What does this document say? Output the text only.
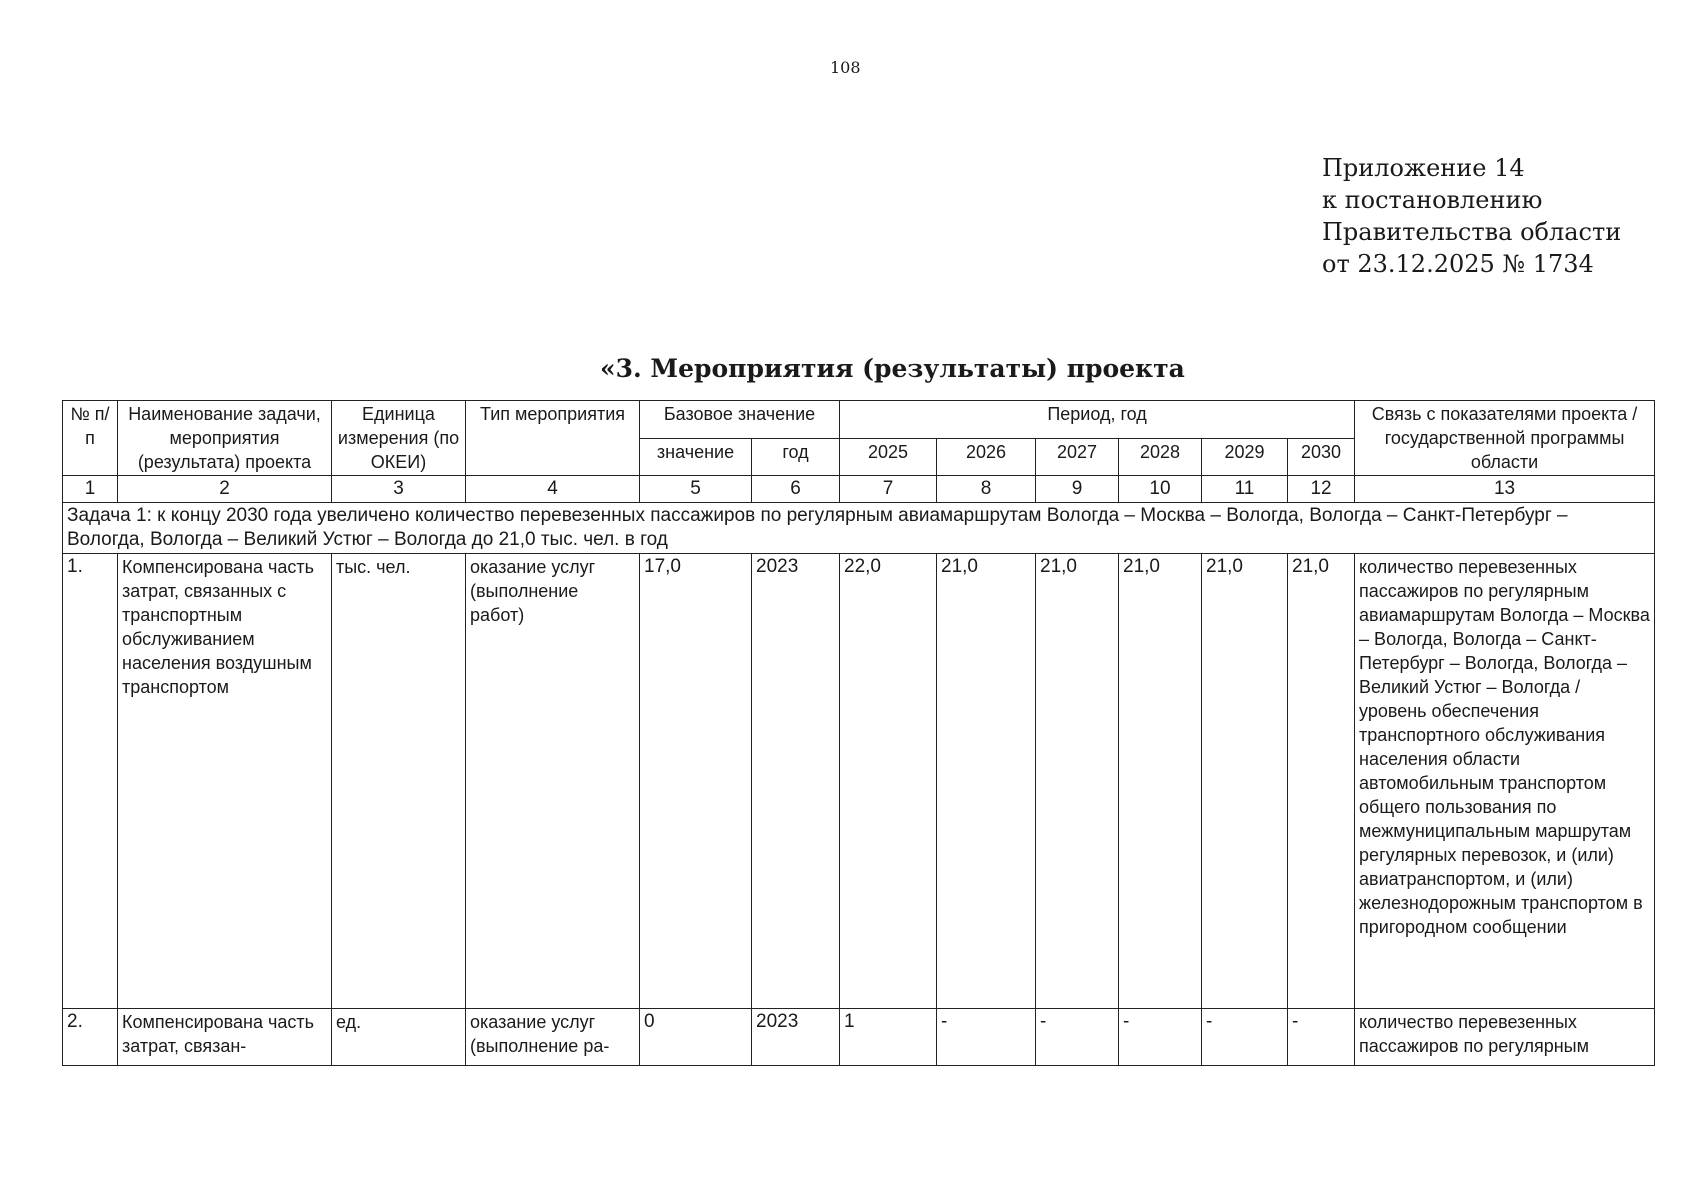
108
Приложение 14
к постановлению
Правительства области
от 23.12.2025 № 1734
«3. Мероприятия (результаты) проекта
№ п/п	Наименование задачи, мероприятия (результата) проекта	Единица измерения (по ОКЕИ)	Тип мероприятия	Базовое значение		Период, год						Связь с показателями проекта / государственной программы области
				значение	год	2025	2026	2027	2028	2029	2030	
1	2	3	4	5	6	7	8	9	10	11	12	13
Задача 1: к концу 2030 года увеличено количество перевезенных пассажиров по регулярным авиамаршрутам Вологда – Москва – Вологда, Вологда – Санкт-Петербург – Вологда, Вологда – Великий Устюг – Вологда до 21,0 тыс. чел. в год												
1.	Компенсирована часть затрат, связанных с транспортным обслуживанием населения воздушным транспортом	тыс. чел.	оказание услуг (выполнение работ)	17,0	2023	22,0	21,0	21,0	21,0	21,0	21,0	количество перевезенных пассажиров по регулярным авиамаршрутам Вологда – Москва – Вологда, Вологда – Санкт-Петербург – Вологда, Вологда – Великий Устюг – Вологда / уровень обеспечения транспортного обслуживания населения области автомобильным транспортом общего пользования по межмуниципальным маршрутам регулярных перевозок, и (или) авиатранспортом, и (или) железнодорожным транспортом в пригородном сообщении
2.	Компенсирована часть затрат, связан-	ед.	оказание услуг (выполнение ра-	0	2023	1	-	-	-	-	-	количество перевезенных пассажиров по регулярным
